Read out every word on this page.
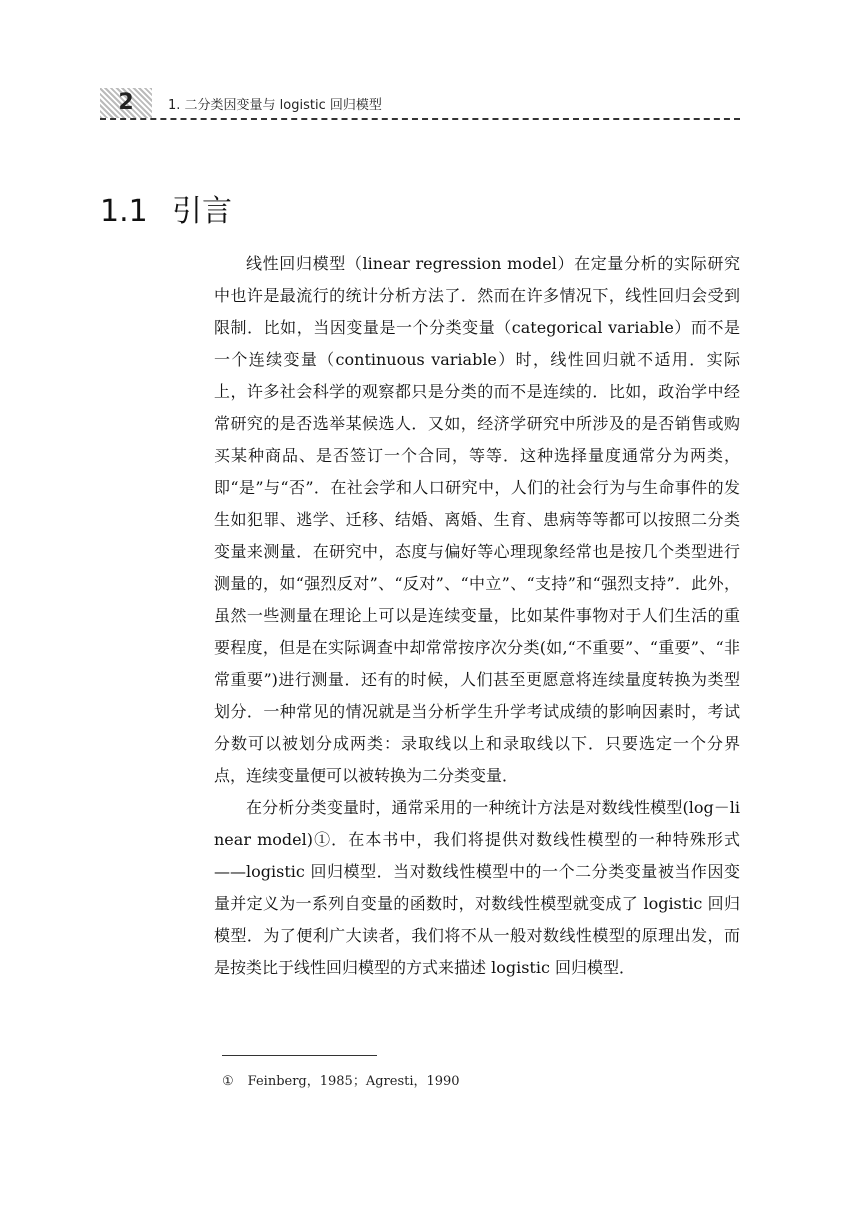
2	1. 二分类因变量与 logistic 回归模型
1.1 引言

线性回归模型（linear regression model）在定量分析的实际研究中也许是最流行的统计分析方法了．然而在许多情况下，线性回归会受到限制．比如，当因变量是一个分类变量（categorical variable）而不是一个连续变量（continuous variable）时，线性回归就不适用．实际上，许多社会科学的观察都只是分类的而不是连续的．比如，政治学中经常研究的是否选举某候选人．又如，经济学研究中所涉及的是否销售或购买某种商品、是否签订一个合同，等等．这种选择量度通常分为两类，即“是”与“否”．在社会学和人口研究中，人们的社会行为与生命事件的发生如犯罪、逃学、迁移、结婚、离婚、生育、患病等等都可以按照二分类变量来测量．在研究中，态度与偏好等心理现象经常也是按几个类型进行测量的，如“强烈反对”、“反对”、“中立”、“支持”和“强烈支持”．此外，虽然一些测量在理论上可以是连续变量，比如某件事物对于人们生活的重要程度，但是在实际调查中却常常按序次分类(如,“不重要”、“重要”、“非常重要”)进行测量．还有的时候，人们甚至更愿意将连续量度转换为类型划分．一种常见的情况就是当分析学生升学考试成绩的影响因素时，考试分数可以被划分成两类：录取线以上和录取线以下．只要选定一个分界点，连续变量便可以被转换为二分类变量．

在分析分类变量时，通常采用的一种统计方法是对数线性模型(log－linear model)①．在本书中，我们将提供对数线性模型的一种特殊形式——logistic 回归模型．当对数线性模型中的一个二分类变量被当作因变量并定义为一系列自变量的函数时，对数线性模型就变成了 logistic 回归模型．为了便利广大读者，我们将不从一般对数线性模型的原理出发，而是按类比于线性回归模型的方式来描述 logistic 回归模型．

① Feinberg，1985；Agresti，1990
